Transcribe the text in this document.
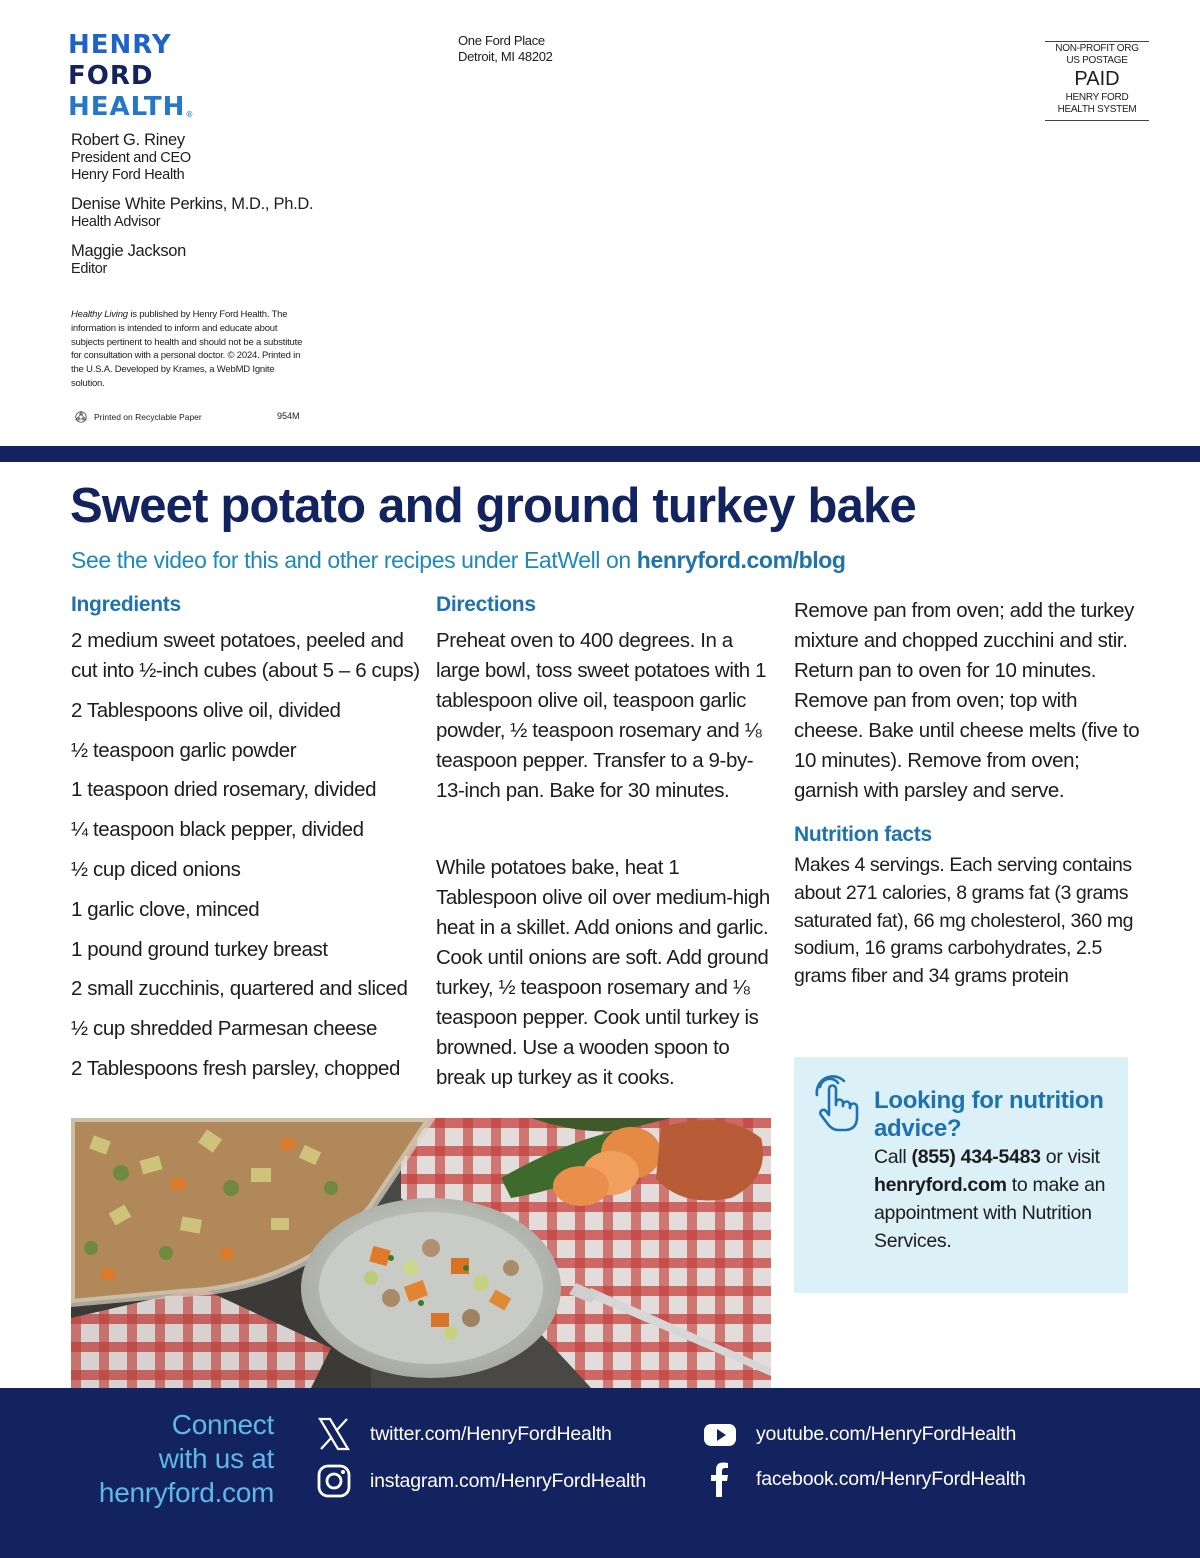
HENRY
FORD
HEALTH®
Robert G. Riney
President and CEO
Henry Ford Health
Denise White Perkins, M.D., Ph.D.
Health Advisor
Maggie Jackson
Editor
Healthy Living is published by Henry Ford Health. The information is intended to inform and educate about subjects pertinent to health and should not be a substitute for consultation with a personal doctor. © 2024. Printed in the U.S.A. Developed by Krames, a WebMD Ignite solution.
Printed on Recyclable Paper	954M
One Ford Place
Detroit, MI 48202
NON-PROFIT ORG
US POSTAGE
PAID
HENRY FORD
HEALTH SYSTEM
Sweet potato and ground turkey bake
See the video for this and other recipes under EatWell on henryford.com/blog
Ingredients
2 medium sweet potatoes, peeled and cut into ½-inch cubes (about 5 – 6 cups)
2 Tablespoons olive oil, divided
½ teaspoon garlic powder
1 teaspoon dried rosemary, divided
¼ teaspoon black pepper, divided
½ cup diced onions
1 garlic clove, minced
1 pound ground turkey breast
2 small zucchinis, quartered and sliced
½ cup shredded Parmesan cheese
2 Tablespoons fresh parsley, chopped
Directions

Preheat oven to 400 degrees. In a large bowl, toss sweet potatoes with 1 tablespoon olive oil, teaspoon garlic powder, ½ teaspoon rosemary and ⅛ teaspoon pepper. Transfer to a 9-by-13-inch pan. Bake for 30 minutes.

While potatoes bake, heat 1 Tablespoon olive oil over medium-high heat in a skillet. Add onions and garlic. Cook until onions are soft. Add ground turkey, ½ teaspoon rosemary and ⅛ teaspoon pepper. Cook until turkey is browned. Use a wooden spoon to break up turkey as it cooks.

Remove pan from oven; add the turkey mixture and chopped zucchini and stir. Return pan to oven for 10 minutes. Remove pan from oven; top with cheese. Bake until cheese melts (five to 10 minutes). Remove from oven; garnish with parsley and serve.

Nutrition facts

Makes 4 servings. Each serving contains about 271 calories, 8 grams fat (3 grams saturated fat), 66 mg cholesterol, 360 mg sodium, 16 grams carbohydrates, 2.5 grams fiber and 34 grams protein

Looking for nutrition advice?
Call (855) 434-5483 or visit henryford.com to make an appointment with Nutrition Services.
Connect
with us at
henryford.com
twitter.com/HenryFordHealth
instagram.com/HenryFordHealth
youtube.com/HenryFordHealth
facebook.com/HenryFordHealth
